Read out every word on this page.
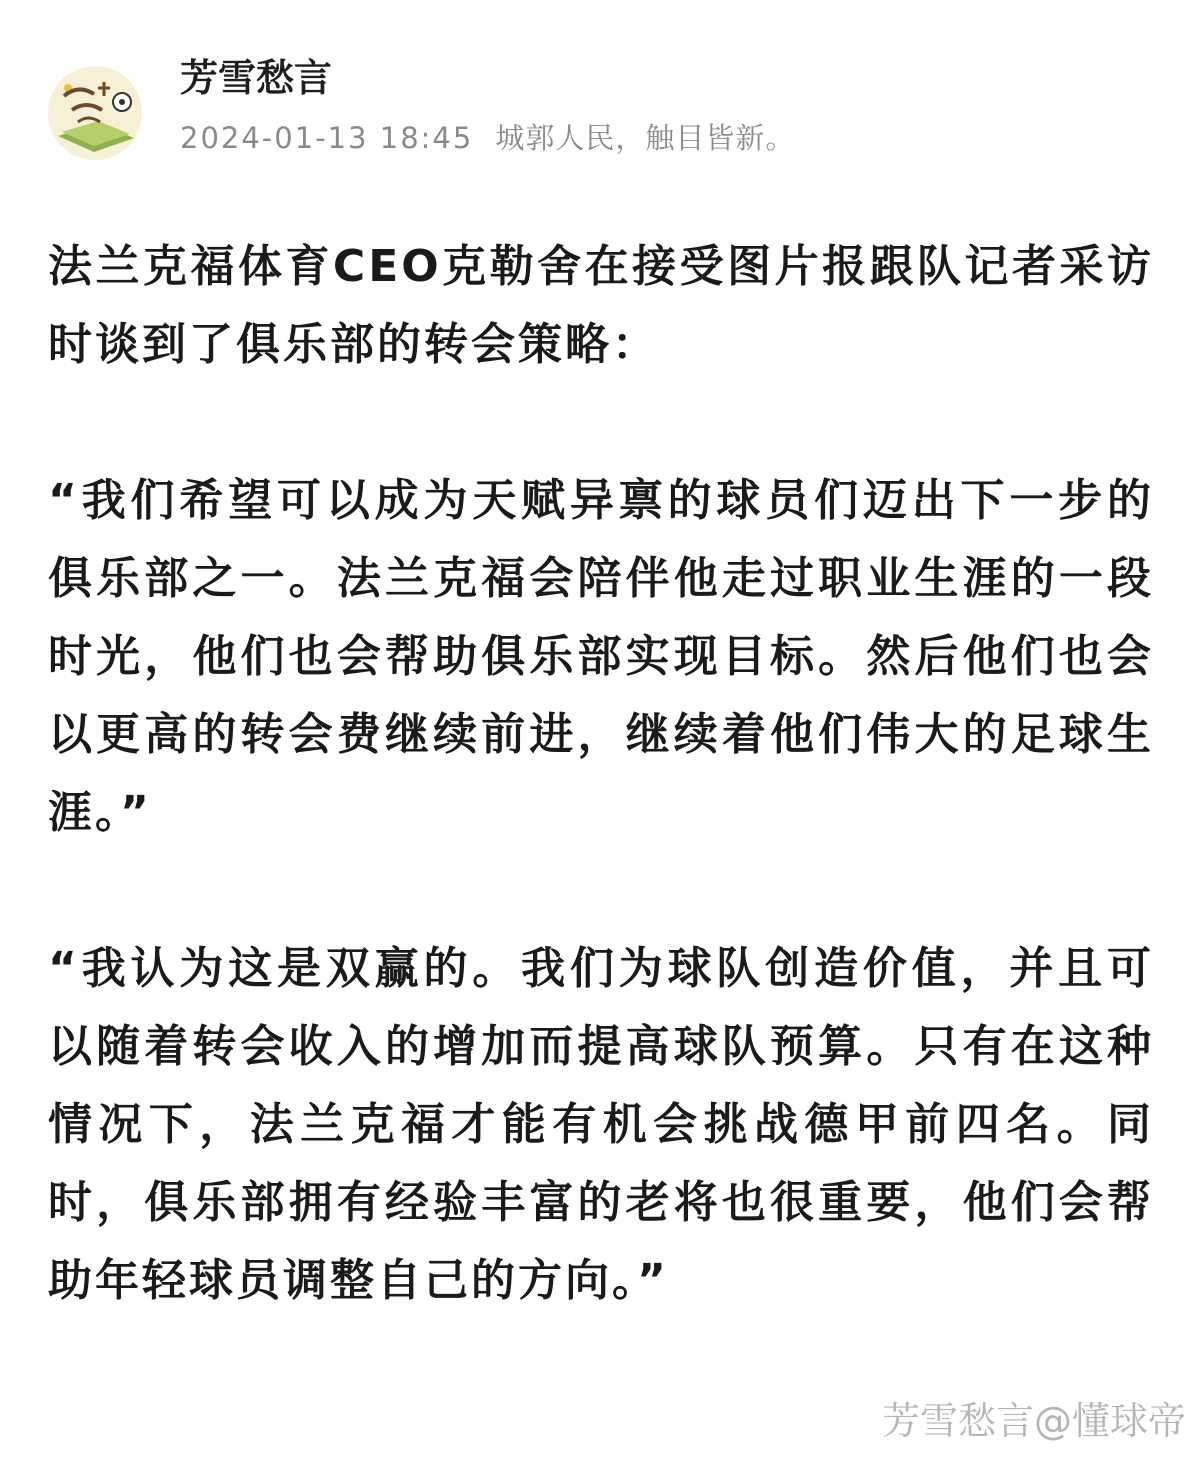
芳雪愁言
2024-01-13 18:45 城郭人民，触目皆新。

法兰克福体育CEO克勒舍在接受图片报跟队记者采访时谈到了俱乐部的转会策略：

“我们希望可以成为天赋异禀的球员们迈出下一步的俱乐部之一。法兰克福会陪伴他走过职业生涯的一段时光，他们也会帮助俱乐部实现目标。然后他们也会以更高的转会费继续前进，继续着他们伟大的足球生涯。”

“我认为这是双赢的。我们为球队创造价值，并且可以随着转会收入的增加而提高球队预算。只有在这种情况下，法兰克福才能有机会挑战德甲前四名。同时，俱乐部拥有经验丰富的老将也很重要，他们会帮助年轻球员调整自己的方向。”

芳雪愁言@懂球帝
